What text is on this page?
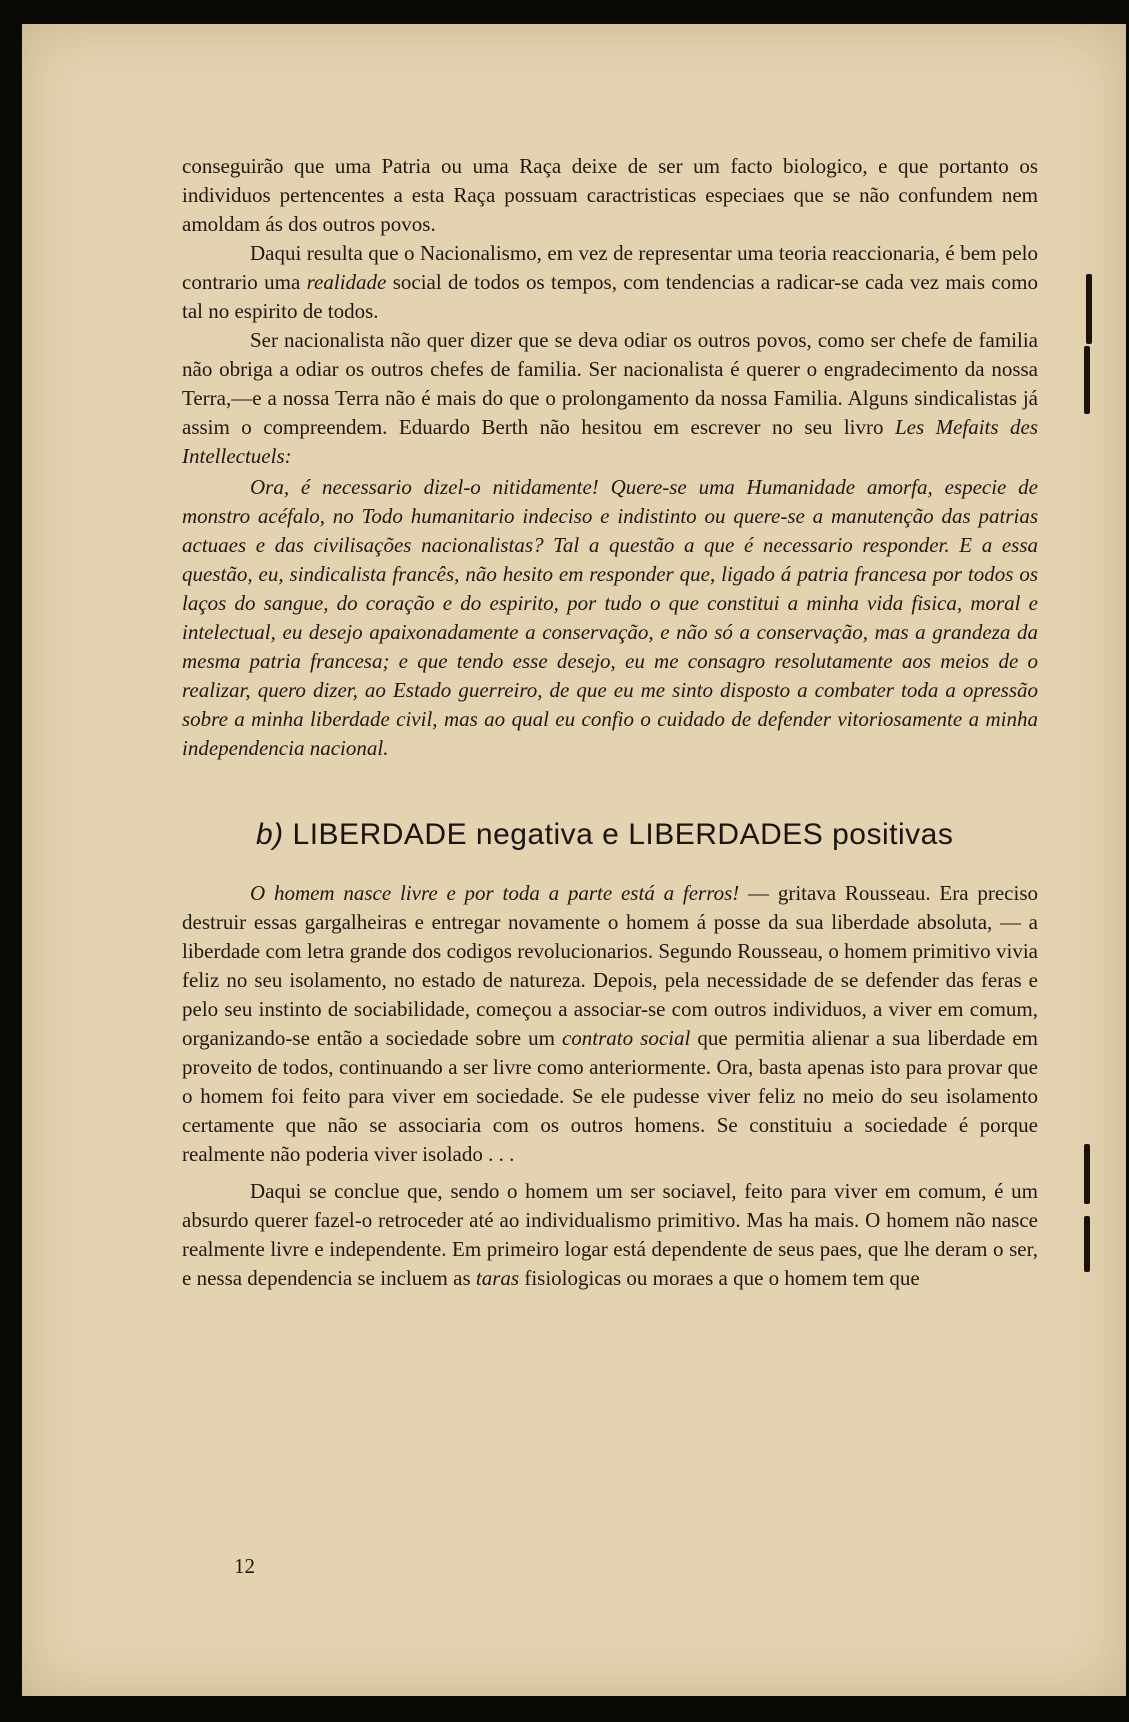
conseguirão que uma Patria ou uma Raça deixe de ser um facto biologico, e que portanto os individuos pertencentes a esta Raça possuam caractristicas especiaes que se não confundem nem amoldam ás dos outros povos.

Daqui resulta que o Nacionalismo, em vez de representar uma teoria reaccionaria, é bem pelo contrario uma realidade social de todos os tempos, com tendencias a radicar-se cada vez mais como tal no espirito de todos.

Ser nacionalista não quer dizer que se deva odiar os outros povos, como ser chefe de familia não obriga a odiar os outros chefes de familia. Ser nacionalista é querer o engradecimento da nossa Terra,—e a nossa Terra não é mais do que o prolongamento da nossa Familia. Alguns sindicalistas já assim o compreendem. Eduardo Berth não hesitou em escrever no seu livro Les Mefaits des Intellectuels:

Ora, é necessario dizel-o nitidamente! Quere-se uma Humanidade amorfa, especie de monstro acéfalo, no Todo humanitario indeciso e indistinto ou quere-se a manutenção das patrias actuaes e das civilisações nacionalistas? Tal a questão a que é necessario responder. E a essa questão, eu, sindicalista francês, não hesito em responder que, ligado á patria francesa por todos os laços do sangue, do coração e do espirito, por tudo o que constitui a minha vida fisica, moral e intelectual, eu desejo apaixonadamente a conservação, e não só a conservação, mas a grandeza da mesma patria francesa; e que tendo esse desejo, eu me consagro resolutamente aos meios de o realizar, quero dizer, ao Estado guerreiro, de que eu me sinto disposto a combater toda a opressão sobre a minha liberdade civil, mas ao qual eu confio o cuidado de defender vitoriosamente a minha independencia nacional.

b) LIBERDADE negativa e LIBERDADES positivas

O homem nasce livre e por toda a parte está a ferros! — gritava Rousseau. Era preciso destruir essas gargalheiras e entregar novamente o homem á posse da sua liberdade absoluta, — a liberdade com letra grande dos codigos revolucionarios. Segundo Rousseau, o homem primitivo vivia feliz no seu isolamento, no estado de natureza. Depois, pela necessidade de se defender das feras e pelo seu instinto de sociabilidade, começou a associar-se com outros individuos, a viver em comum, organizando-se então a sociedade sobre um contrato social que permitia alienar a sua liberdade em proveito de todos, continuando a ser livre como anteriormente. Ora, basta apenas isto para provar que o homem foi feito para viver em sociedade. Se ele pudesse viver feliz no meio do seu isolamento certamente que não se associaria com os outros homens. Se constituiu a sociedade é porque realmente não poderia viver isolado . . .

Daqui se conclue que, sendo o homem um ser sociavel, feito para viver em comum, é um absurdo querer fazel-o retroceder até ao individualismo primitivo. Mas ha mais. O homem não nasce realmente livre e independente. Em primeiro logar está dependente de seus paes, que lhe deram o ser, e nessa dependencia se incluem as taras fisiologicas ou moraes a que o homem tem que

12
